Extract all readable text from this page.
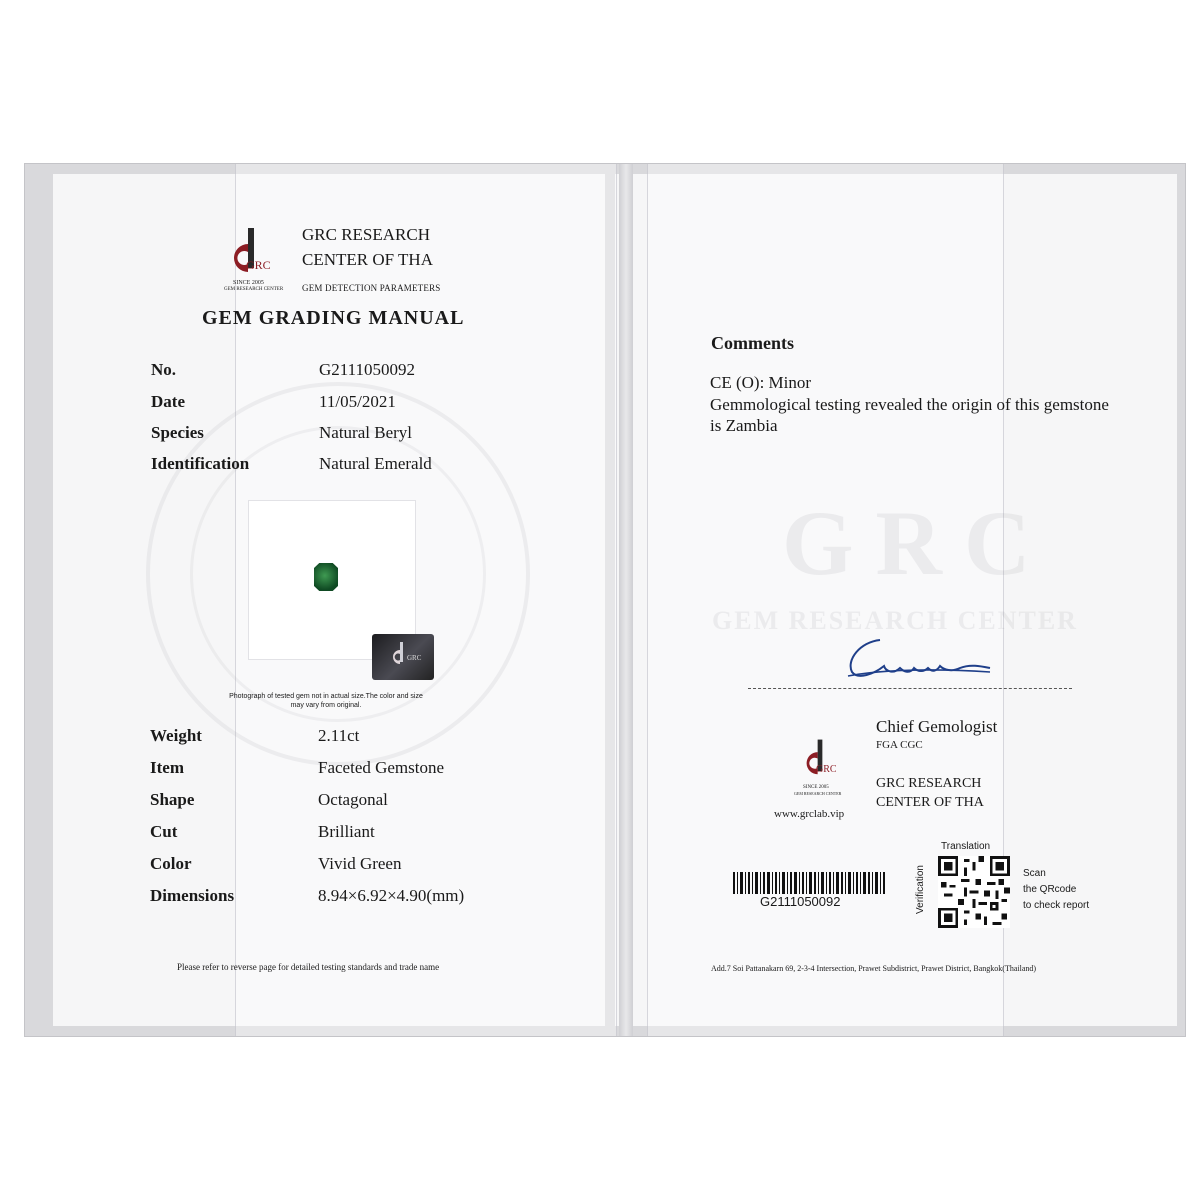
GRC
SINCE 2005
GEM RESEARCH CENTER
GRC RESEARCH
CENTER OF THA
GEM DETECTION PARAMETERS
GEM GRADING MANUAL
No.	G2111050092
Date	11/05/2021
Species	Natural Beryl
Identification	Natural Emerald
GRC
Photograph of tested gem not in actual size.The color and size may vary from original.
Weight	2.11ct
Item	Faceted Gemstone
Shape	Octagonal
Cut	Brilliant
Color	Vivid Green
Dimensions	8.94×6.92×4.90(mm)
Please refer to reverse page for detailed testing standards and trade name
GRC
GEM RESEARCH CENTER
Comments
CE (O): Minor
Gemmological testing revealed the origin of this gemstone is Zambia
Chief Gemologist
FGA CGC
GRC
SINCE 2005
GEM RESEARCH CENTER
GRC RESEARCH
CENTER OF THA
www.grclab.vip
G2111050092
Translation
Verification	Scan
the QRcode
to check report
Add.7 Soi Pattanakarn 69, 2-3-4 Intersection, Prawet Subdistrict, Prawet District, Bangkok(Thailand)
